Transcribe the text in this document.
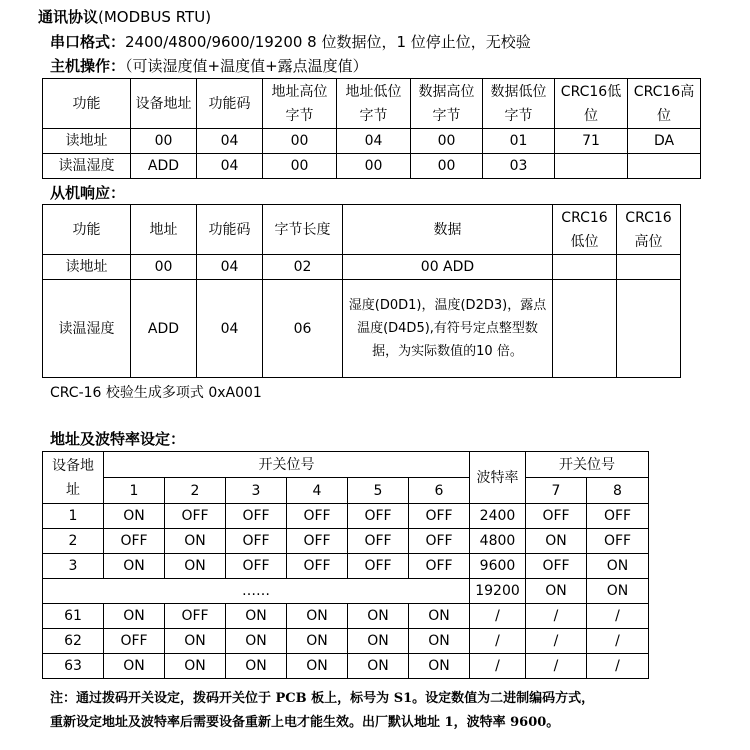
通讯协议(MODBUS RTU)
串口格式：2400/4800/9600/19200 8 位数据位，1 位停止位，无校验
主机操作：（可读湿度值+温度值+露点温度值）
功能	设备地址	功能码	地址高位字节	地址低位字节	数据高位字节	数据低位字节	CRC16低位	CRC16高位
读地址	00	04	00	04	00	01	71	DA
读温湿度	ADD	04	00	00	00	03		
从机响应：
功能	地址	功能码	字节长度	数据	CRC16低位	CRC16高位
读地址	00	04	02	00 ADD		
读温湿度	ADD	04	06	湿度(D0D1)，温度(D2D3)，露点温度(D4D5),有符号定点整型数据，为实际数值的10 倍。		
CRC-16 校验生成多项式 0xA001
地址及波特率设定：
设备地址	开关位号						波特率	开关位号	
	1	2	3	4	5	6		7	8
1	ON	OFF	OFF	OFF	OFF	OFF	2400	OFF	OFF
2	OFF	ON	OFF	OFF	OFF	OFF	4800	ON	OFF
3	ON	ON	OFF	OFF	OFF	OFF	9600	OFF	ON
……							19200	ON	ON
61	ON	OFF	ON	ON	ON	ON	/	/	/
62	OFF	ON	ON	ON	ON	ON	/	/	/
63	ON	ON	ON	ON	ON	ON	/	/	/
注：通过拨码开关设定，拨码开关位于 PCB 板上，标号为 S1。设定数值为二进制编码方式，
重新设定地址及波特率后需要设备重新上电才能生效。出厂默认地址 1，波特率 9600。
